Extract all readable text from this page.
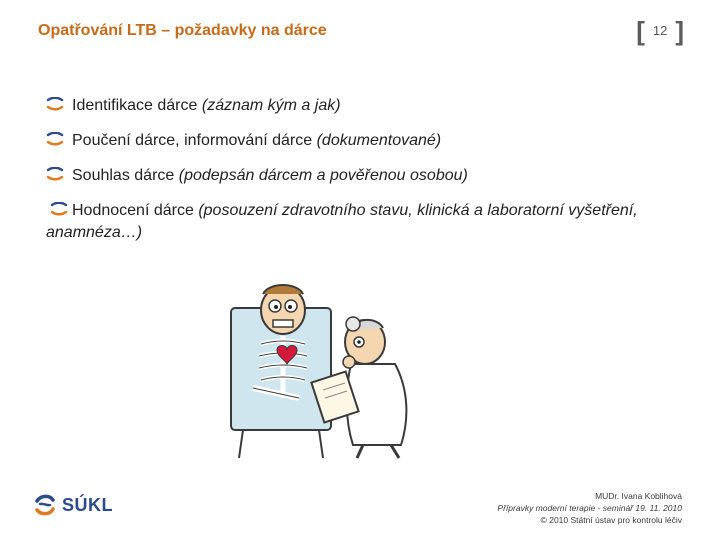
Opatřování LTB – požadavky na dárce	[ 12 ]
Identifikace dárce (záznam kým a jak)
Poučení dárce, informování dárce (dokumentované)
Souhlas dárce (podepsán dárcem a pověřenou osobou)
Hodnocení dárce (posouzení zdravotního stavu, klinická a laboratorní vyšetření, anamnéza…)
SÚKL	MUDr. Ivana Koblihová
Přípravky moderní terapie - seminář 19. 11. 2010
© 2010 Státní ústav pro kontrolu léčiv
